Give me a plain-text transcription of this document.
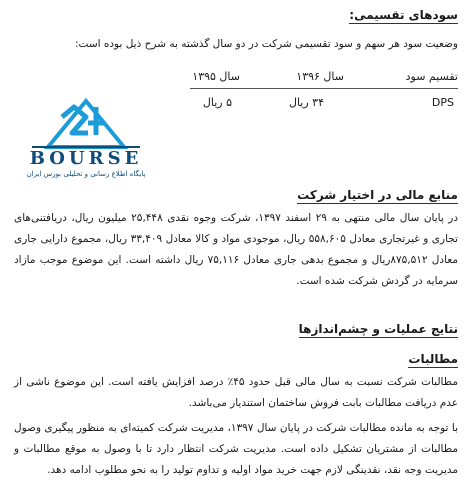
سودهای تقسیمی:
وضعیت سود هر سهم و سود تقسیمی شرکت در دو سال گذشته به شرح ذیل بوده است:
تقسیم سود
سال ۱۳۹۶
سال ۱۳۹۵
DPS
۳۴ ریال
۵ ریال
BOURSE
پایگاه اطلاع رسانی و تحلیلی بورس ایران
منابع مالی در اختیار شرکت
در پایان سال مالی منتهی به ۲۹ اسفند ۱۳۹۷، شرکت وجوه نقدی ۲۵,۴۴۸ میلیون ریال، دریافتنی‌های تجاری و غیرتجاری معادل ۵۵۸,۶۰۵ ریال، موجودی مواد و کالا معادل ۳۳,۴۰۹ ریال، مجموع دارایی جاری معادل ۸۷۵,۵۱۲ریال و مجموع بدهی جاری معادل ۷۵,۱۱۶ ریال داشته است. این موضوع موجب مازاد سرمایه در گردش شرکت شده است.
نتایج عملیات و چشم‌اندازها
مطالبات
مطالبات شرکت نسبت به سال مالی قبل حدود ۴۵٪ درصد افزایش یافته است. این موضوع ناشی از عدم دریافت مطالبات بابت فروش ساختمان استندیار می‌باشد.
با توجه به مانده مطالبات شرکت در پایان سال ۱۳۹۷، مدیریت شرکت کمیته‌ای به منظور پیگیری وصول مطالبات از مشتریان تشکیل داده است. مدیریت شرکت انتظار دارد تا با وصول به موقع مطالبات و مدیریت وجه نقد، نقدینگی لازم جهت خرید مواد اولیه و تداوم تولید را به نحو مطلوب ادامه دهد.
